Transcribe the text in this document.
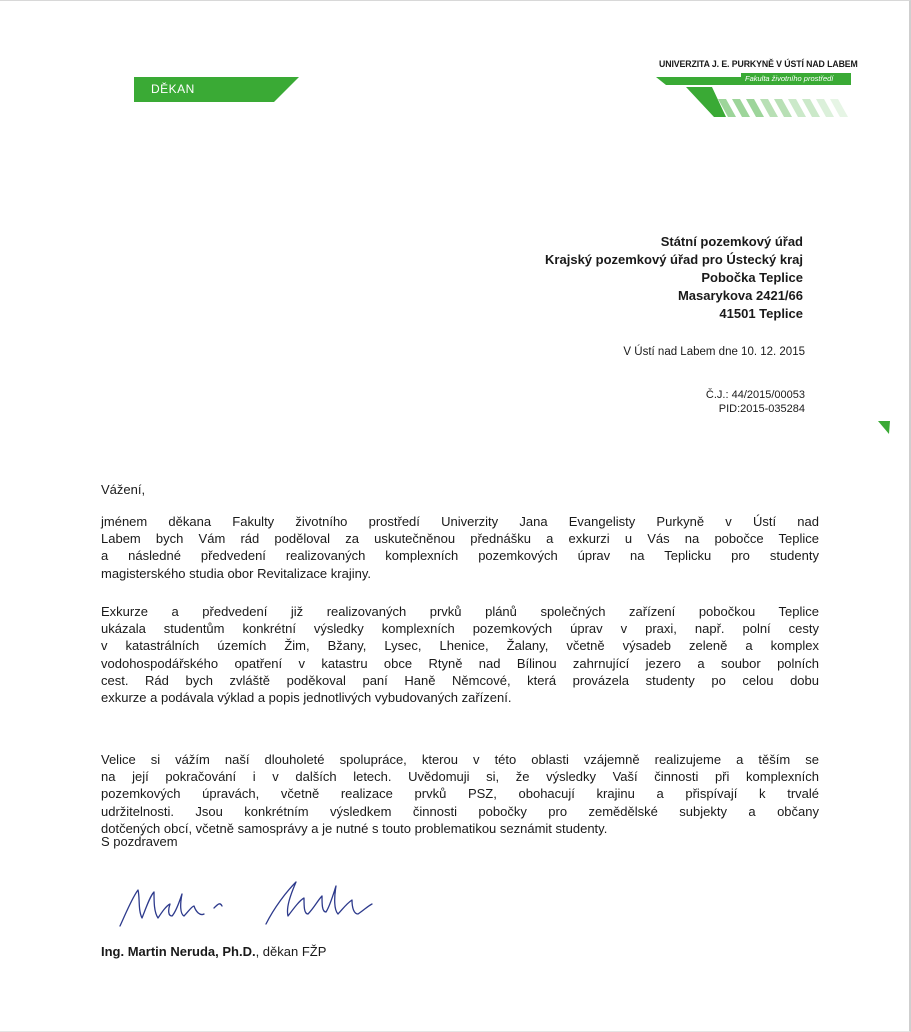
DĚKAN
UNIVERZITA J. E. PURKYNĚ V ÚSTÍ NAD LABEM
Fakulta životního prostředí
Státní pozemkový úřad
Krajský pozemkový úřad pro Ústecký kraj
Pobočka Teplice
Masarykova 2421/66
41501 Teplice
V Ústí nad Labem dne 10. 12. 2015
Č.J.: 44/2015/00053
PID:2015-035284
Vážení,
jménem děkana Fakulty životního prostředí Univerzity Jana Evangelisty Purkyně v Ústí nad
Labem bych Vám rád poděloval za uskutečněnou přednášku a exkurzi u Vás na pobočce Teplice
a následné předvedení realizovaných komplexních pozemkových úprav na Teplicku pro studenty
magisterského studia obor Revitalizace krajiny.
Exkurze a předvedení již realizovaných prvků plánů společných zařízení pobočkou Teplice
ukázala studentům konkrétní výsledky komplexních pozemkových úprav v praxi, např. polní cesty
v katastrálních územích Žim, Bžany, Lysec, Lhenice, Žalany, včetně výsadeb zeleně a komplex
vodohospodářského opatření v katastru obce Rtyně nad Bílinou zahrnující jezero a soubor polních
cest. Rád bych zvláště poděkoval paní Haně Němcové, která provázela studenty po celou dobu
exkurze a podávala výklad a popis jednotlivých vybudovaných zařízení.
Velice si vážím naší dlouholeté spolupráce, kterou v této oblasti vzájemně realizujeme a těším se
na její pokračování i v dalších letech. Uvědomuji si, že výsledky Vaší činnosti při komplexních
pozemkových úpravách, včetně realizace prvků PSZ, obohacují krajinu a přispívají k trvalé
udržitelnosti. Jsou konkrétním výsledkem činnosti pobočky pro zemědělské subjekty a občany
dotčených obcí, včetně samosprávy a je nutné s touto problematikou seznámit studenty.
S pozdravem
Ing. Martin Neruda, Ph.D., děkan FŽP
